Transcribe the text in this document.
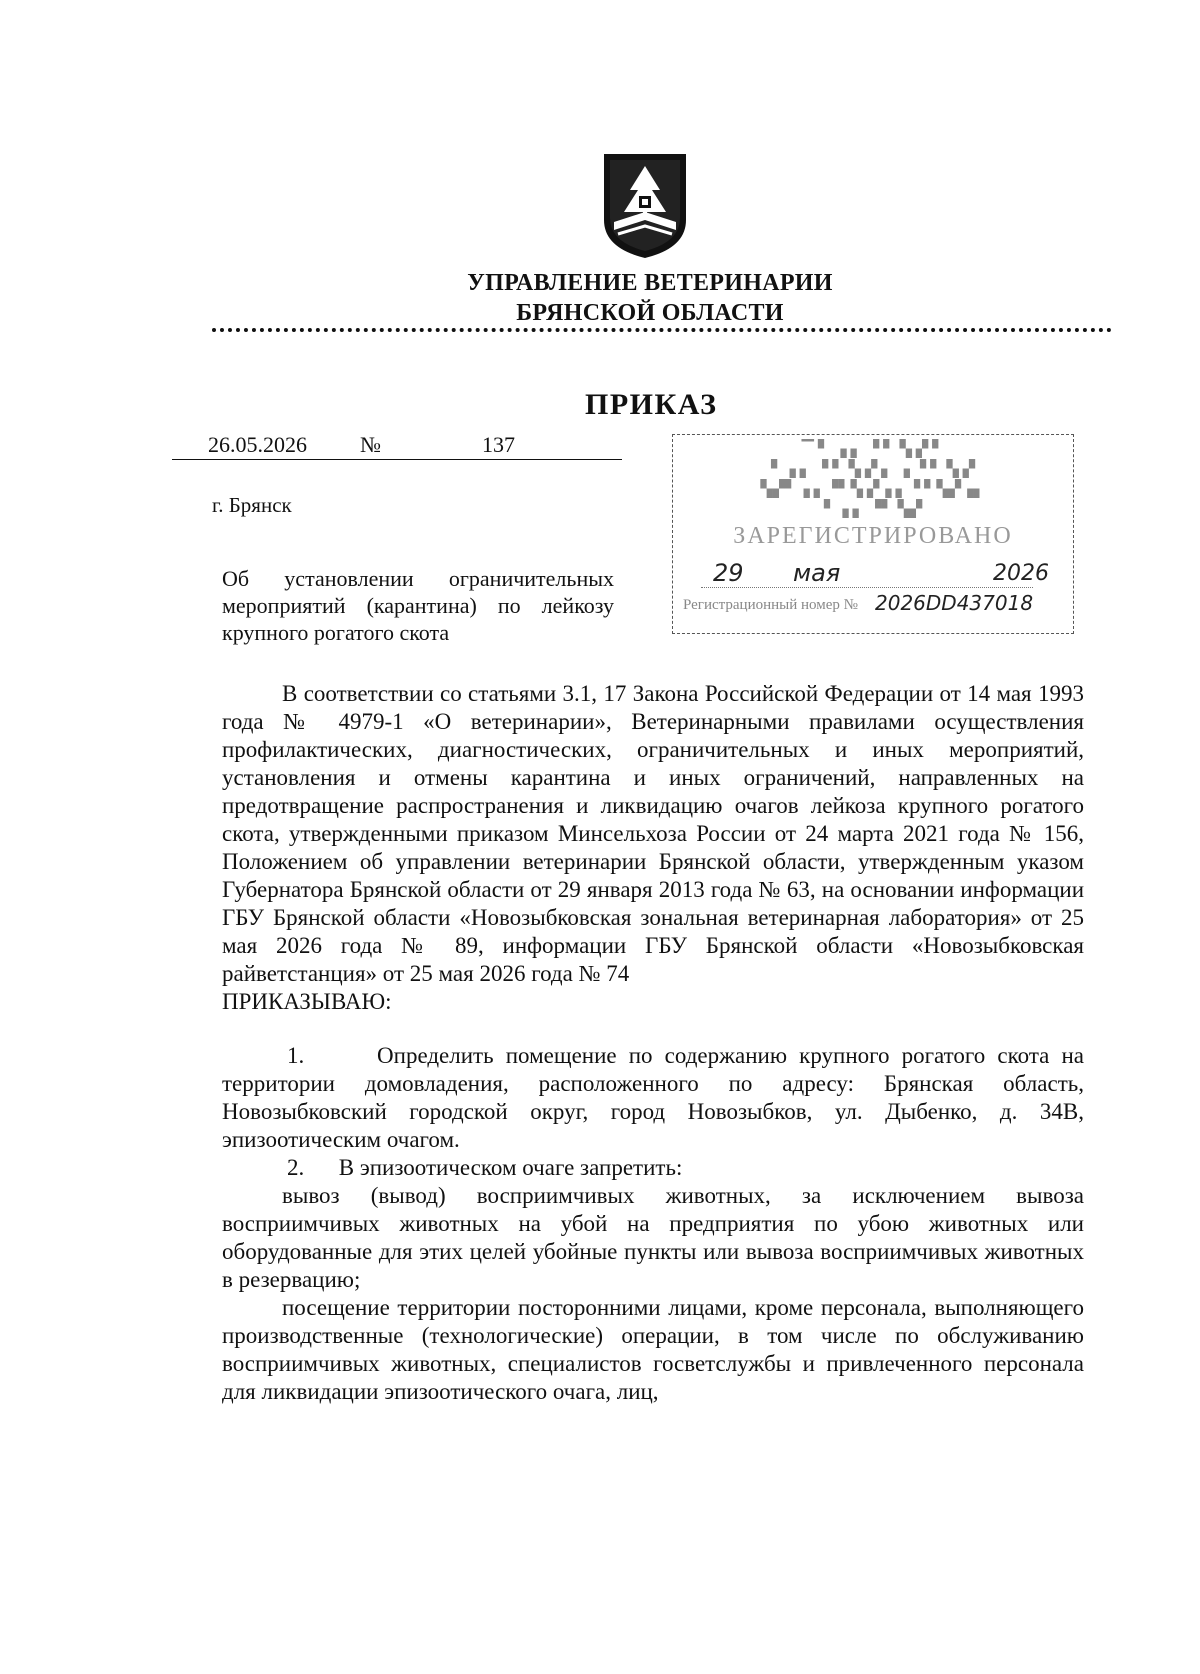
УПРАВЛЕНИЕ ВЕТЕРИНАРИИ
БРЯНСКОЙ ОБЛАСТИ
ПРИКАЗ
26.05.2026 №	137
г. Брянск
Об установлении ограничительных мероприятий (карантина) по лейкозу крупного рогатого скота
▔ ▘ ▗ ▖ ▝ ▘ ▚ ▞ ▘
▘▗ ▖ ▝ ▘ ▚ ▞ ▖ ▗ ▝ ▘ ▚ ▞
▚▞▘▗ ▖▝▘▚ ▞▗ ▖▝ ▘▚▞▗▖
▘▗ ▖ ▝▘ ▚▞
ЗАРЕГИСТРИРОВАНО
29 мая	2026
Регистрационный номер № 2026DD437018

В соответствии со статьями 3.1, 17 Закона Российской Федерации от 14 мая 1993 года № 4979-1 «О ветеринарии», Ветеринарными правилами осуществления профилактических, диагностических, ограничительных и иных мероприятий, установления и отмены карантина и иных ограничений, направленных на предотвращение распространения и ликвидацию очагов лейкоза крупного рогатого скота, утвержденными приказом Минсельхоза России от 24 марта 2021 года № 156, Положением об управлении ветеринарии Брянской области, утвержденным указом Губернатора Брянской области от 29 января 2013 года № 63, на основании информации ГБУ Брянской области «Новозыбковская зональная ветеринарная лаборатория» от 25 мая 2026 года № 89, информации ГБУ Брянской области «Новозыбковская райветстанция» от 25 мая 2026 года № 74

ПРИКАЗЫВАЮ:

1.	Определить помещение по содержанию крупного рогатого скота на территории домовладения, расположенного по адресу: Брянская область, Новозыбковский городской округ, город Новозыбков, ул. Дыбенко, д. 34В, эпизоотическим очагом.

2. В эпизоотическом очаге запретить:

вывоз (вывод) восприимчивых животных, за исключением вывоза восприимчивых животных на убой на предприятия по убою животных или оборудованные для этих целей убойные пункты или вывоза восприимчивых животных в резервацию;

посещение территории посторонними лицами, кроме персонала, выполняющего производственные (технологические) операции, в том числе по обслуживанию восприимчивых животных, специалистов госветслужбы и привлеченного персонала для ликвидации эпизоотического очага, лиц,
